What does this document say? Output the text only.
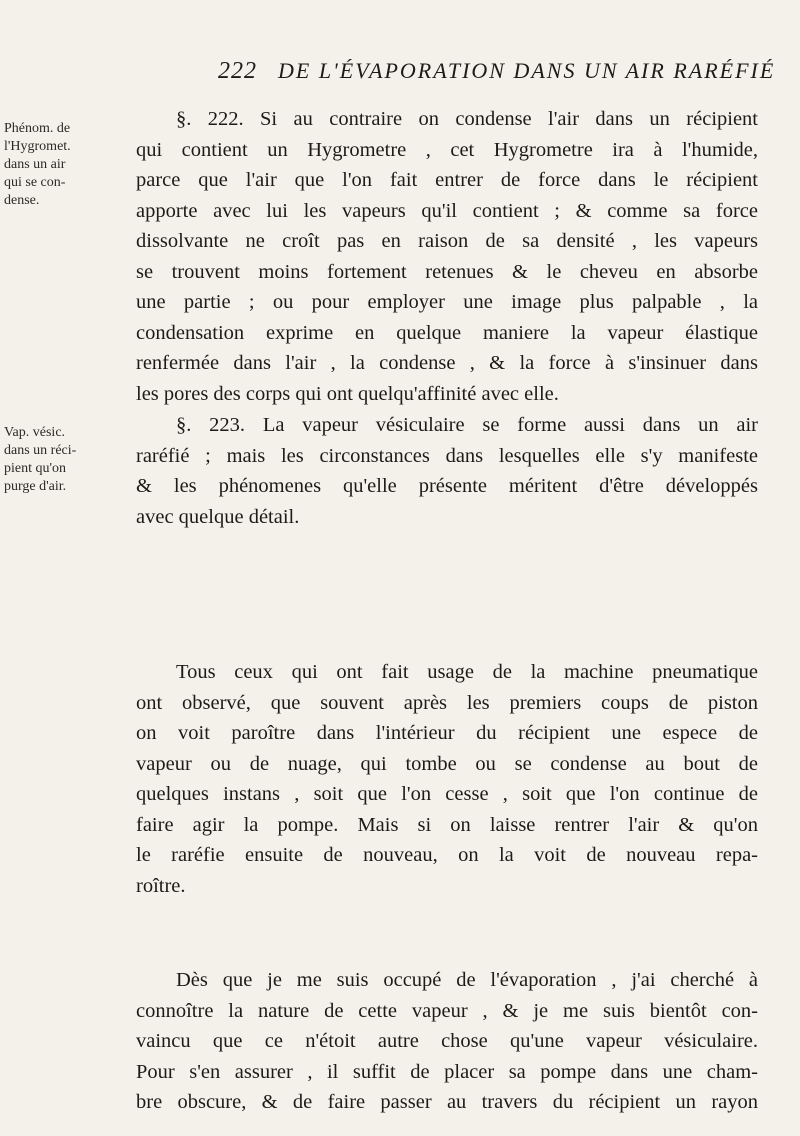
222 DE L'ÉVAPORATION DANS UN AIR RARÉFIÉ
Phénom. de
l'Hygromet.
dans un air
qui se con-
dense.
Vap. vésic.
dans un réci-
pient qu'on
purge d'air.
§. 222. Si au contraire on condense l'air dans un récipient
qui contient un Hygrometre , cet Hygrometre ira à l'humide,
parce que l'air que l'on fait entrer de force dans le récipient
apporte avec lui les vapeurs qu'il contient ; & comme sa force
dissolvante ne croît pas en raison de sa densité , les vapeurs
se trouvent moins fortement retenues & le cheveu en absorbe
une partie ; ou pour employer une image plus palpable , la
condensation exprime en quelque maniere la vapeur élastique
renfermée dans l'air , la condense , & la force à s'insinuer dans
les pores des corps qui ont quelqu'affinité avec elle.
§. 223. La vapeur vésiculaire se forme aussi dans un air
raréfié ; mais les circonstances dans lesquelles elle s'y manifeste
& les phénomenes qu'elle présente méritent d'être développés
avec quelque détail.
Tous ceux qui ont fait usage de la machine pneumatique
ont observé, que souvent après les premiers coups de piston
on voit paroître dans l'intérieur du récipient une espece de
vapeur ou de nuage, qui tombe ou se condense au bout de
quelques instans , soit que l'on cesse , soit que l'on continue de
faire agir la pompe. Mais si on laisse rentrer l'air & qu'on
le raréfie ensuite de nouveau, on la voit de nouveau repa-
roître.
Dès que je me suis occupé de l'évaporation , j'ai cherché à
connoître la nature de cette vapeur , & je me suis bientôt con-
vaincu que ce n'étoit autre chose qu'une vapeur vésiculaire.
Pour s'en assurer , il suffit de placer sa pompe dans une cham-
bre obscure, & de faire passer au travers du récipient un rayon
